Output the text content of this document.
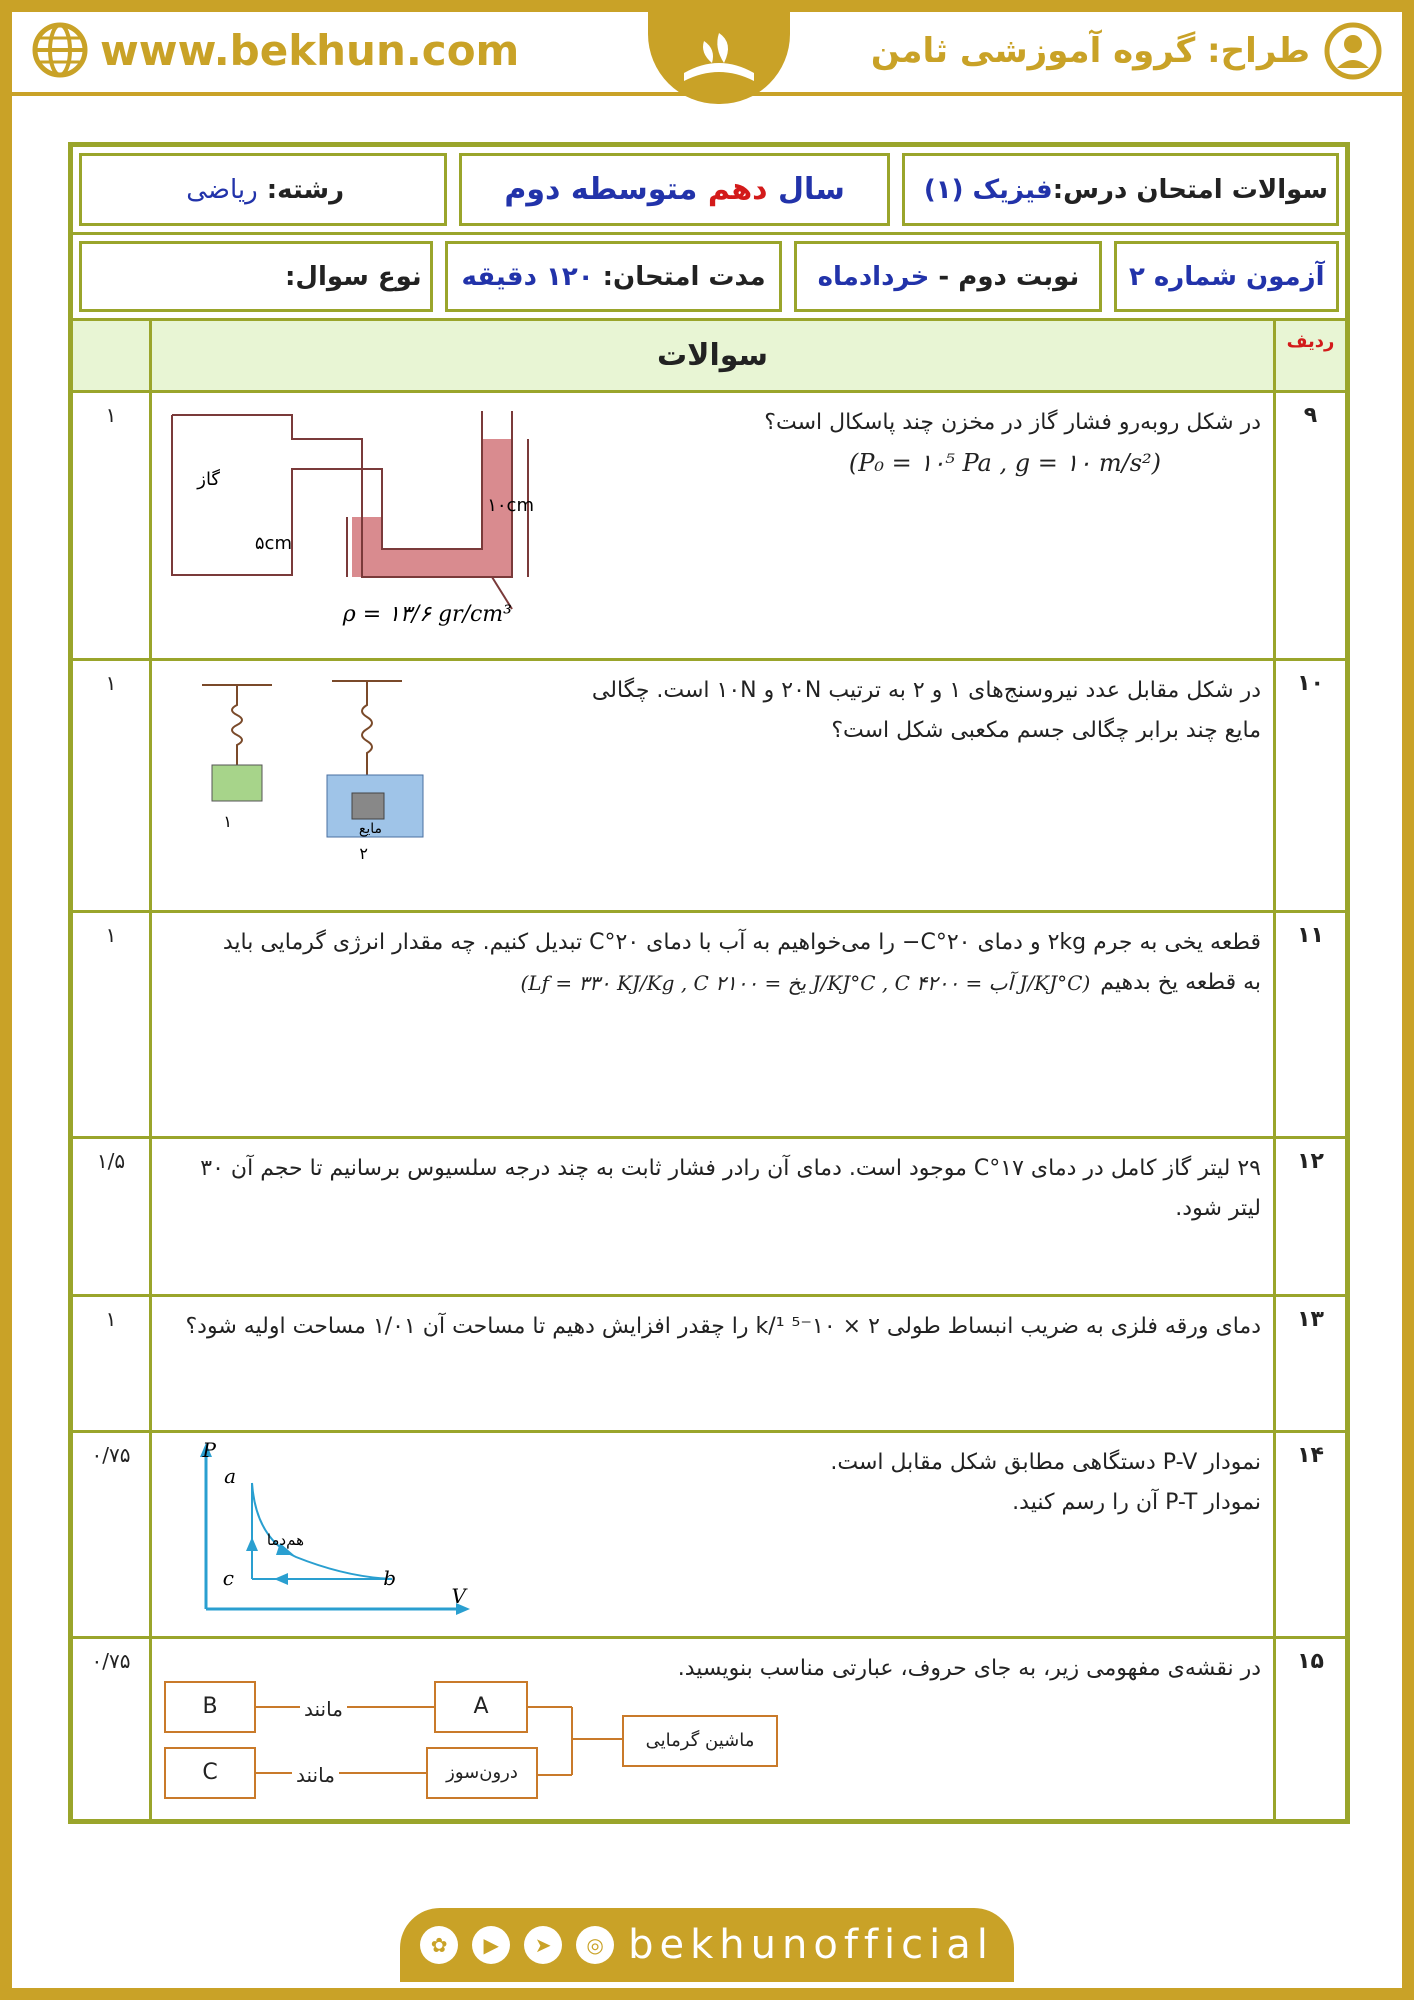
www.bekhun.com	طراح: گروه آموزشی ثامن
سوالات امتحان درس:
فیزیک (۱)
سال

دهم

متوسطه دوم
رشته:

ریاضی
آزمون شماره ۲
نوبت دوم

-

خردادماه
مدت امتحان:

۱۲۰ دقیقه
نوع سوال:
ردیف
سوالات
۹
در شکل روبه‌رو فشار گاز در مخزن چند پاسکال است؟
(P₀ = ۱۰⁵ Pa , g = ۱۰ m/s²)
گاز
۵cm
۱۰cm
ρ = ۱۳/۶ gr/cm³
۱
۱۰
در شکل مقابل عدد نیروسنج‌های ۱ و ۲ به ترتیب ۲۰N و ۱۰N است. چگالی
مایع چند برابر چگالی جسم مکعبی شکل است؟
۱	مایع
۲
۱
۱۱
قطعه یخی به جرم ۲kg و دمای ۲۰°C− را می‌خواهیم به آب با دمای ۲۰°C تبدیل کنیم. چه مقدار انرژی گرمایی باید
به قطعه یخ بدهیم
(Lf = ۳۳۰ KJ/Kg , C یخ = ۲۱۰۰ J/KJ°C , C آب = ۴۲۰۰ J/KJ°C)
۱
۱۲
۲۹ لیتر گاز کامل در دمای ۱۷°C موجود است. دمای آن رادر فشار ثابت به چند درجه سلسیوس برسانیم تا حجم آن ۳۰
لیتر شود.
۱/۵
۱۳
دمای ورقه فلزی به ضریب انبساط طولی ۲ × ۱۰⁻⁵ ¹/k را چقدر افزایش دهیم تا مساحت آن ۱/۰۱ مساحت اولیه شود؟
۱
۱۴
نمودار P-V دستگاهی مطابق شکل مقابل است.
نمودار P-T آن را رسم کنید.
P
V
a
b
c
هم‌دما
۰/۷۵
۱۵
در نقشه‌ی مفهومی زیر، به جای حروف، عبارتی مناسب بنویسید.
B
C
A
درون‌سوز
ماشین گرمایی
مانند
مانند
۰/۷۵
✿	▶	➤	◎ bekhunofficial
